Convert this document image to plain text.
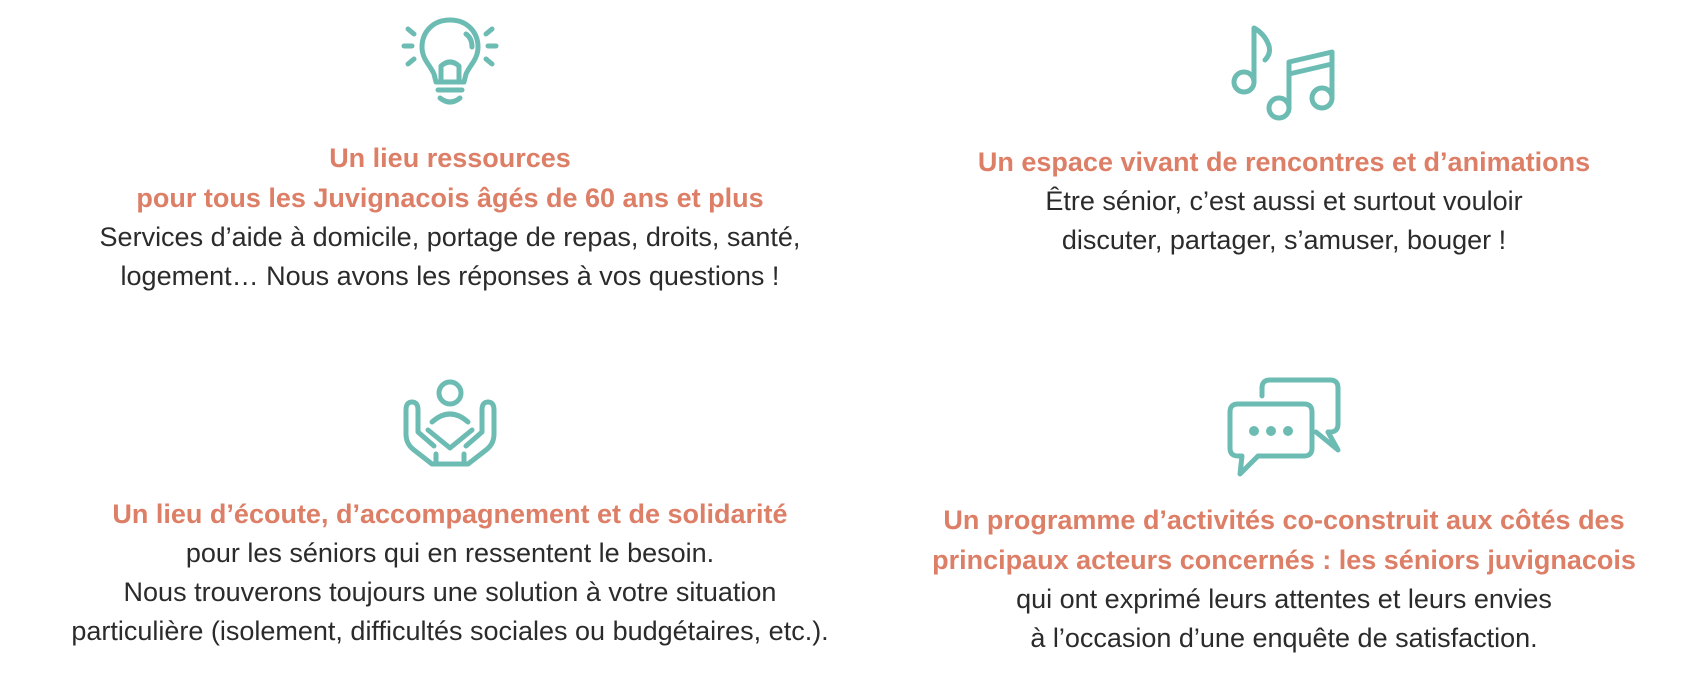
Un lieu ressources
pour tous les Juvignacois âgés de 60 ans et plus

Services d’aide à domicile, portage de repas, droits, santé,
logement… Nous avons les réponses à vos questions !

Un espace vivant de rencontres et d’animations

Être sénior, c’est aussi et surtout vouloir
discuter, partager, s’amuser, bouger !

Un lieu d’écoute, d’accompagnement et de solidarité

pour les séniors qui en ressentent le besoin.
Nous trouverons toujours une solution à votre situation
particulière (isolement, difficultés sociales ou budgétaires, etc.).

Un programme d’activités co-construit aux côtés des
principaux acteurs concernés : les séniors juvignacois

qui ont exprimé leurs attentes et leurs envies
à l’occasion d’une enquête de satisfaction.
